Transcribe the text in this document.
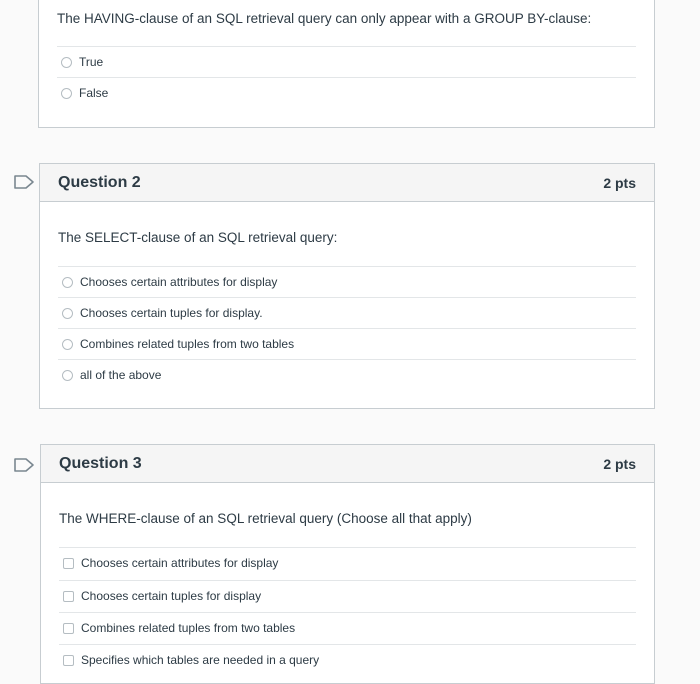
The HAVING-clause of an SQL retrieval query can only appear with a GROUP BY-clause:
True
False
Question 2	2 pts
The SELECT-clause of an SQL retrieval query:
Chooses certain attributes for display
Chooses certain tuples for display.
Combines related tuples from two tables
all of the above
Question 3	2 pts
The WHERE-clause of an SQL retrieval query (Choose all that apply)
Chooses certain attributes for display
Chooses certain tuples for display
Combines related tuples from two tables
Specifies which tables are needed in a query
